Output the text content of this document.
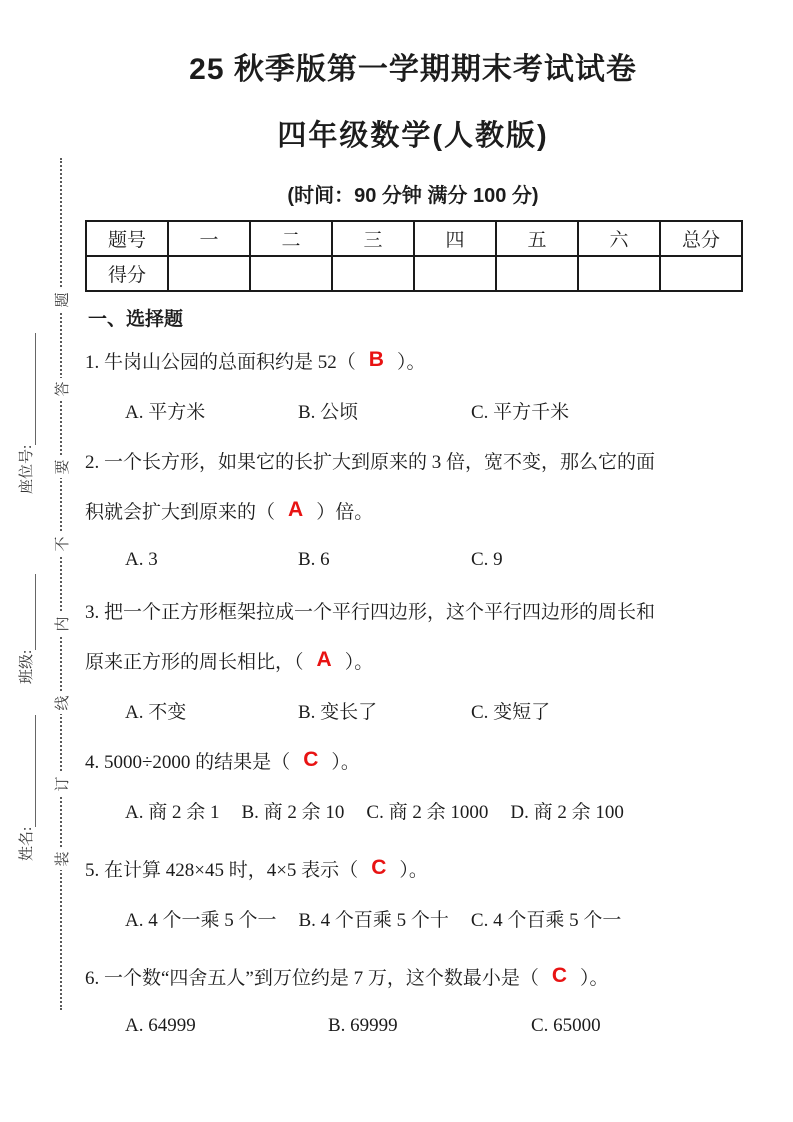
题
答
要
不
内
线
订
装
座位号:
班级:
姓名:
25 秋季版第一学期期末考试试卷
四年级数学(人教版)
(时间：90 分钟 满分 100 分)
题号	一	二	三	四	五	六	总分
得分							
一、选择题
1. 牛岗山公园的总面积约是 52（ B ）。
A. 平方米	B. 公顷	C. 平方千米
2. 一个长方形，如果它的长扩大到原来的 3 倍，宽不变，那么它的面
积就会扩大到原来的（ A ）倍。
A. 3	B. 6	C. 9
3. 把一个正方形框架拉成一个平行四边形，这个平行四边形的周长和
原来正方形的周长相比，（ A ）。
A. 不变	B. 变长了	C. 变短了
4. 5000÷2000 的结果是（ C ）。
A. 商 2 余 1 B. 商 2 余 10 C. 商 2 余 1000 D. 商 2 余 100
5. 在计算 428×45 时，4×5 表示（ C ）。
A. 4 个一乘 5 个一 B. 4 个百乘 5 个十 C. 4 个百乘 5 个一
6. 一个数“四舍五人”到万位约是 7 万，这个数最小是（ C ）。
A. 64999	B. 69999	C. 65000
